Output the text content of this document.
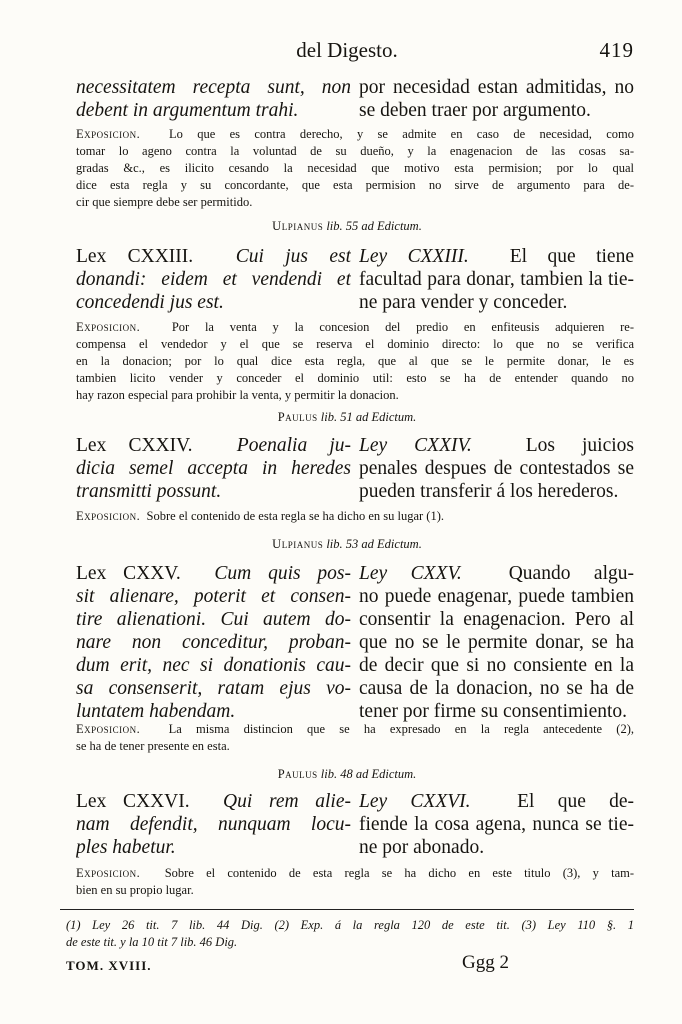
del Digesto.	419
necessitatem recepta sunt, non
debent in argumentum trahi.
por necesidad estan admitidas, no
se deben traer por argumento.
Exposicion. Lo que es contra derecho, y se admite en caso de necesidad, como
tomar lo ageno contra la voluntad de su dueño, y la enagenacion de las cosas sa-
gradas &c., es ilicito cesando la necesidad que motivo esta permision; por lo qual
dice esta regla y su concordante, que esta permision no sirve de argumento para de-
cir que siempre debe ser permitido.
Ulpianus lib. 55 ad Edictum.
Lex CXXIII. Cui jus est
donandi: eidem et vendendi et
concedendi jus est.
Ley CXXIII. El que tiene
facultad para donar, tambien la tie-
ne para vender y conceder.
Exposicion.	Por la venta y la concesion del predio en enfiteusis adquieren re-
compensa el vendedor y el que se reserva el dominio directo: lo que no se verifica
en la donacion; por lo qual dice esta regla, que al que se le permite donar, le es
tambien licito vender y conceder el dominio util: esto se ha de entender quando no
hay razon especial para prohibir la venta, y permitir la donacion.
Paulus lib. 51 ad Edictum.
Lex CXXIV. Poenalia ju-
dicia semel accepta in heredes
transmitti possunt.
Ley CXXIV.	Los juicios
penales despues de contestados se
pueden transferir á los herederos.
Exposicion. Sobre el contenido de esta regla se ha dicho en su lugar (1).
Ulpianus lib. 53 ad Edictum.
Lex CXXV. Cum quis pos-
sit alienare, poterit et consen-
tire alienationi. Cui autem do-
nare non conceditur, proban-
dum erit, nec si donationis cau-
sa consenserit, ratam ejus vo-
luntatem habendam.
Ley CXXV. Quando algu-
no puede enagenar, puede tambien
consentir la enagenacion. Pero al
que no se le permite donar, se ha
de decir que si no consiente en la
causa de la donacion, no se ha de
tener por firme su consentimiento.
Exposicion. La misma distincion que se ha expresado en la regla antecedente (2),
se ha de tener presente en esta.
Paulus lib. 48 ad Edictum.
Lex CXXVI. Qui rem alie-
nam defendit, nunquam locu-
ples habetur.
Ley CXXVI. El que de-
fiende la cosa agena, nunca se tie-
ne por abonado.
Exposicion. Sobre el contenido de esta regla se ha dicho en este titulo (3), y tam-
bien en su propio lugar.
(1) Ley 26 tit. 7 lib. 44 Dig. (2) Exp. á la regla 120 de este tit. (3) Ley 110 §. 1
de este tit. y la 10 tit 7 lib. 46 Dig.
TOM. XVIII.	Ggg 2
